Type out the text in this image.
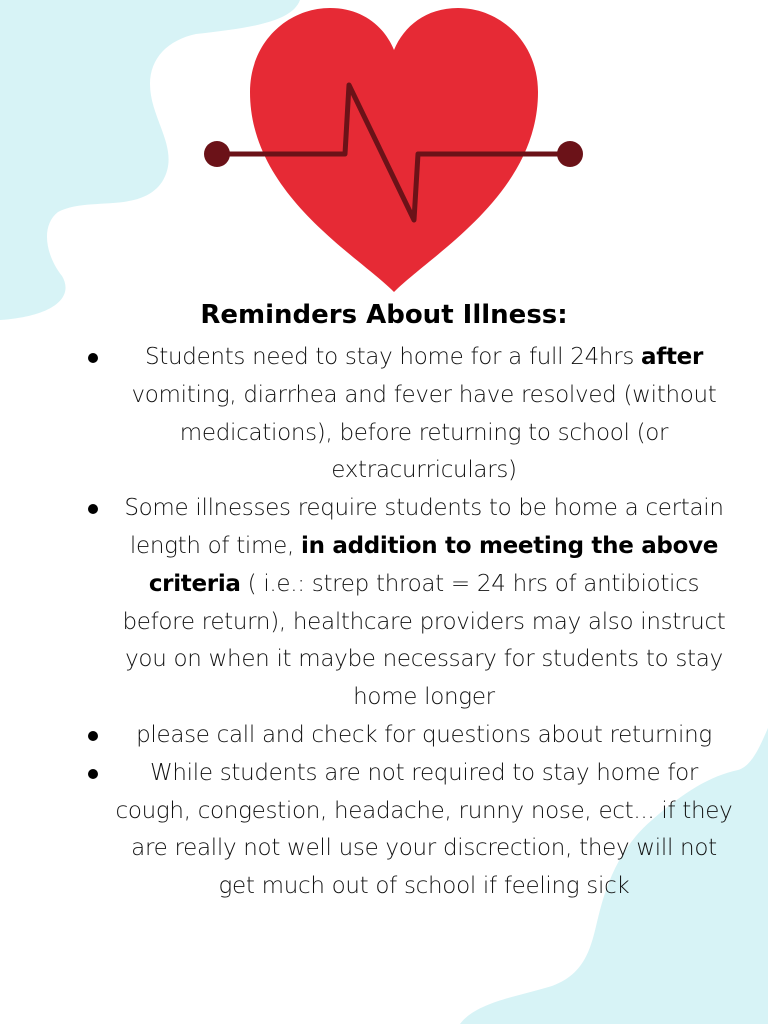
Reminders About Illness:

Students need to stay home for a full 24hrs after vomiting, diarrhea and fever have resolved (without medications), before returning to school (or extracurriculars)

Some illnesses require students to be home a certain length of time, in addition to meeting the above criteria ( i.e.: strep throat = 24 hrs of antibiotics before return), healthcare providers may also instruct you on when it maybe necessary for students to stay home longer

please call and check for questions about returning

While students are not required to stay home for cough, congestion, headache, runny nose, ect... if they are really not well use your discrection, they will not get much out of school if feeling sick
